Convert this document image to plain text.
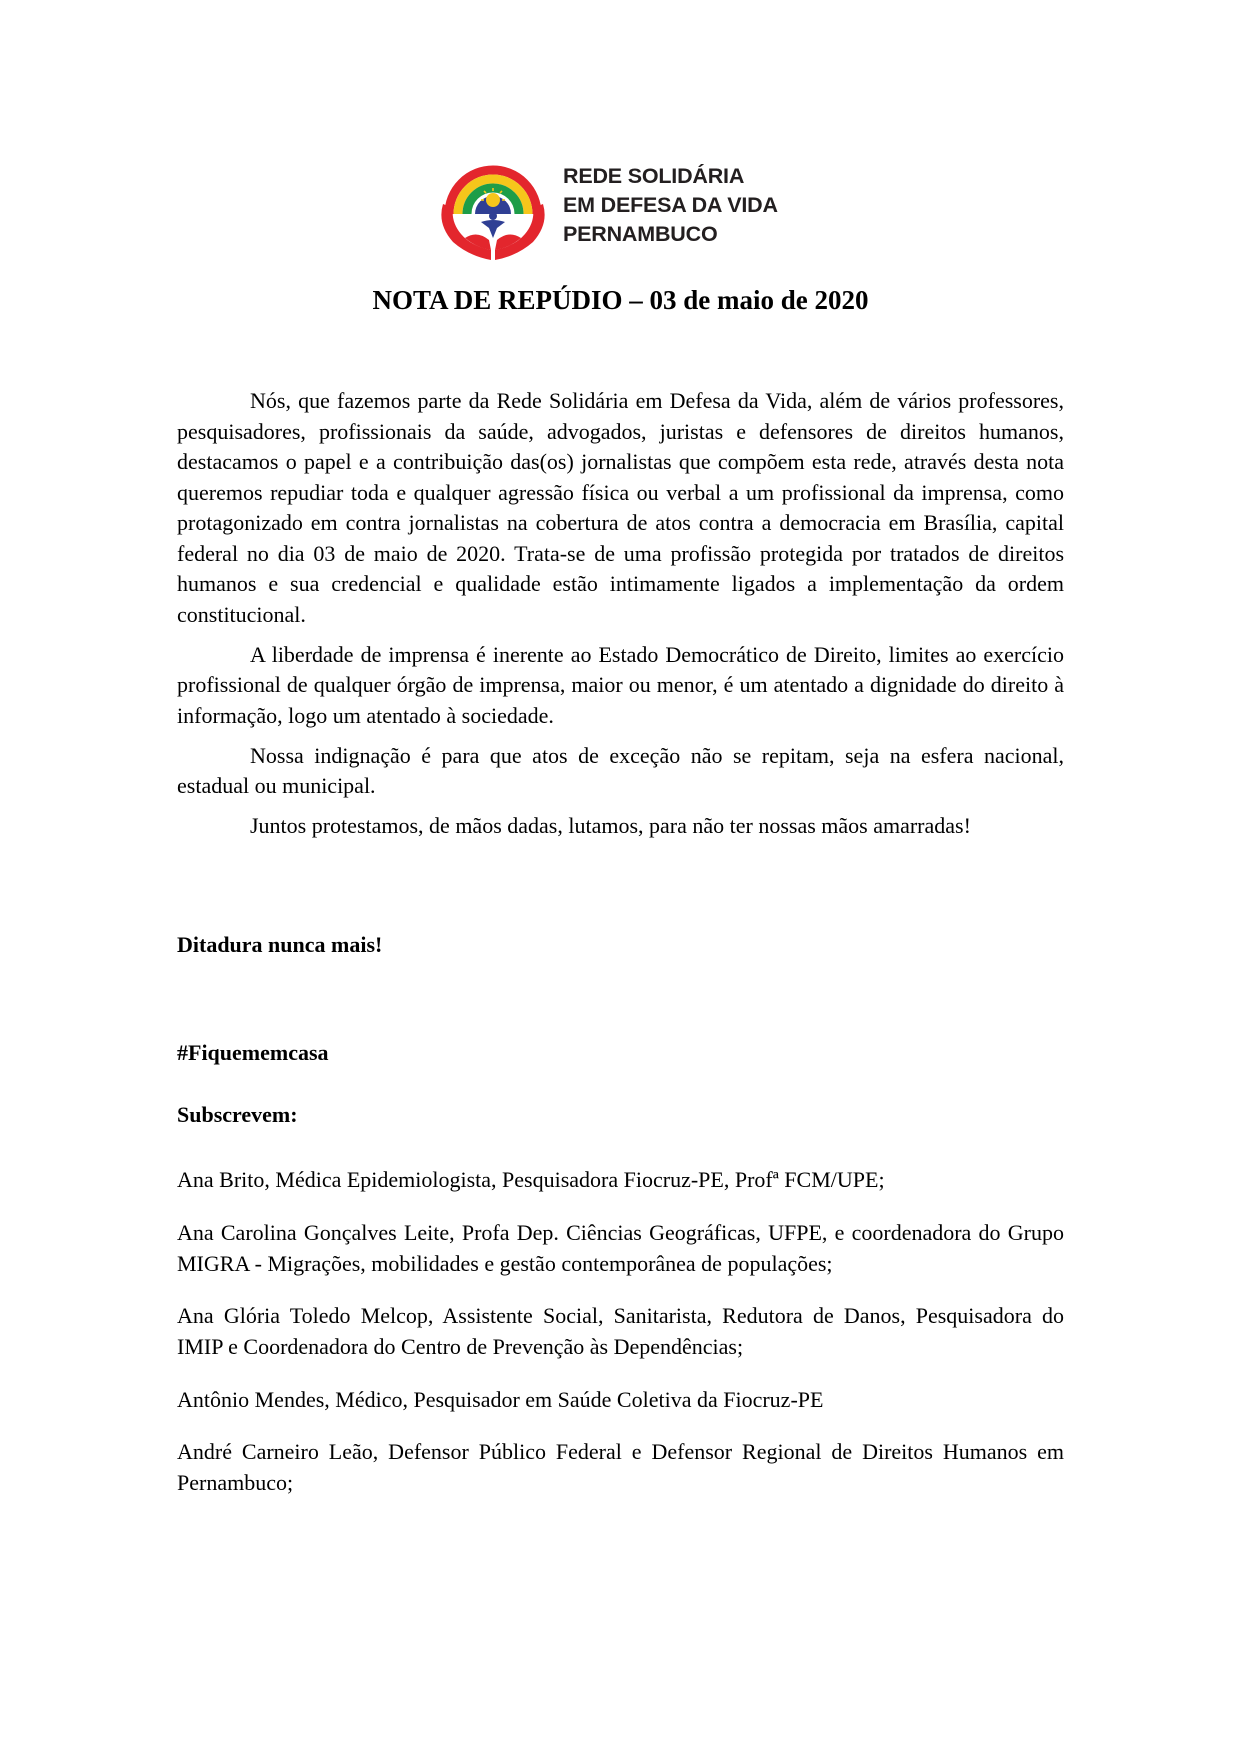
REDE SOLIDÁRIA
EM DEFESA DA VIDA
PERNAMBUCO
NOTA DE REPÚDIO – 03 de maio de 2020

Nós, que fazemos parte da Rede Solidária em Defesa da Vida, além de vários professores, pesquisadores, profissionais da saúde, advogados, juristas e defensores de direitos humanos, destacamos o papel e a contribuição das(os) jornalistas que compõem esta rede, através desta nota queremos repudiar toda e qualquer agressão física ou verbal a um profissional da imprensa, como protagonizado em contra jornalistas na cobertura de atos contra a democracia em Brasília, capital federal no dia 03 de maio de 2020. Trata-se de uma profissão protegida por tratados de direitos humanos e sua credencial e qualidade estão intimamente ligados a implementação da ordem constitucional.

A liberdade de imprensa é inerente ao Estado Democrático de Direito, limites ao exercício profissional de qualquer órgão de imprensa, maior ou menor, é um atentado a dignidade do direito à informação, logo um atentado à sociedade.

Nossa indignação é para que atos de exceção não se repitam, seja na esfera nacional, estadual ou municipal.

Juntos protestamos, de mãos dadas, lutamos, para não ter nossas mãos amarradas!

Ditadura nunca mais!
#Fiquememcasa
Subscrevem:

Ana Brito, Médica Epidemiologista, Pesquisadora Fiocruz-PE, Profª FCM/UPE;

Ana Carolina Gonçalves Leite, Profa Dep. Ciências Geográficas, UFPE, e coordenadora do Grupo MIGRA - Migrações, mobilidades e gestão contemporânea de populações;

Ana Glória Toledo Melcop, Assistente Social, Sanitarista, Redutora de Danos, Pesquisadora do IMIP e Coordenadora do Centro de Prevenção às Dependências;

Antônio Mendes, Médico, Pesquisador em Saúde Coletiva da Fiocruz-PE

André Carneiro Leão, Defensor Público Federal e Defensor Regional de Direitos Humanos em Pernambuco;
